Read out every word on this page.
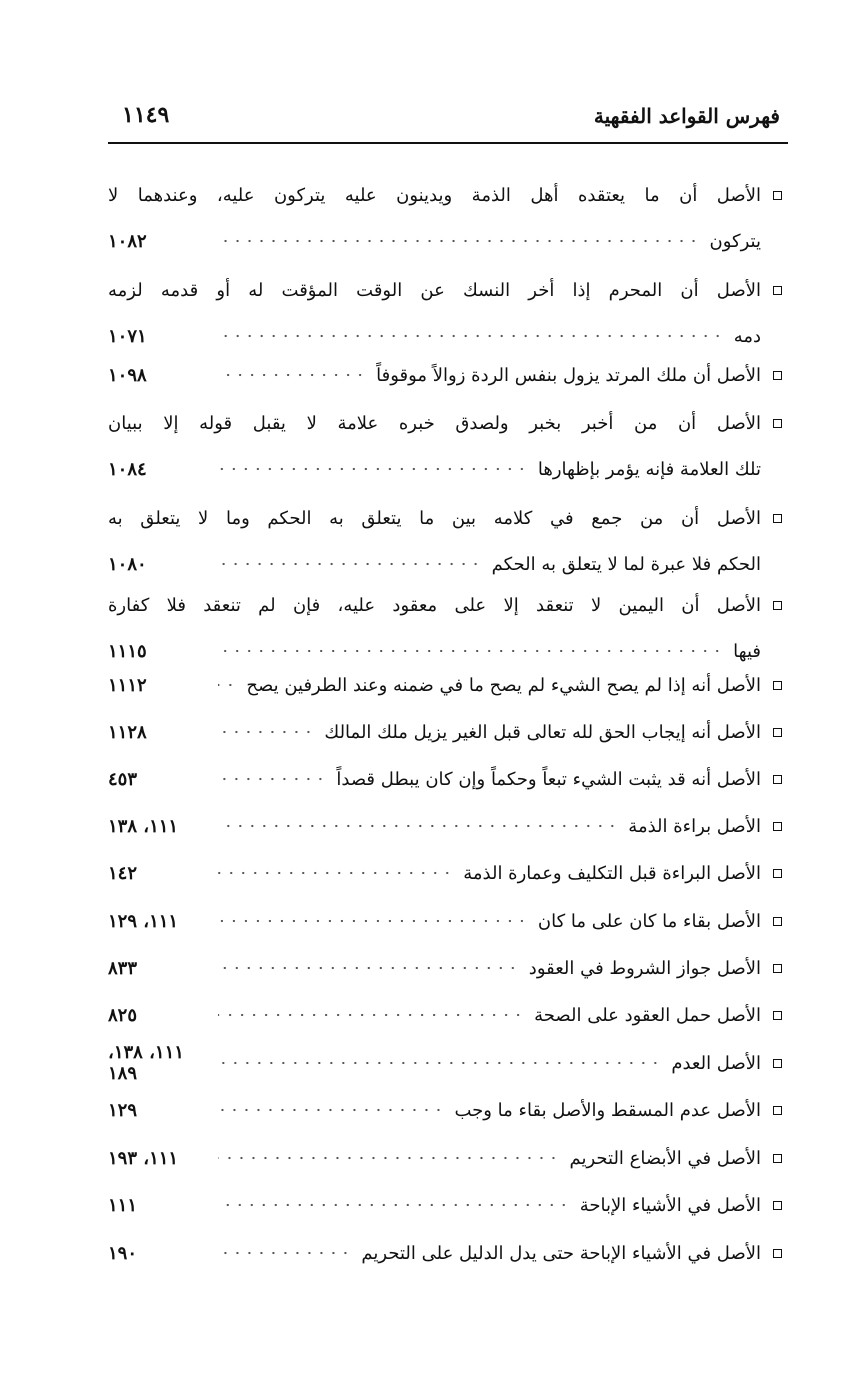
فهرس القواعد الفقهية
١١٤٩
الأصل أن ما يعتقده أهل الذمة ويدينون عليه يتركون عليه، وعندهما لا
يتركون
١٠٨٢
الأصل أن المحرم إذا أخر النسك عن الوقت المؤقت له أو قدمه لزمه
دمه
١٠٧١
الأصل أن ملك المرتد يزول بنفس الردة زوالاً موقوفاً
١٠٩٨
الأصل أن من أخبر بخبر ولصدق خبره علامة لا يقبل قوله إلا ببيان
تلك العلامة فإنه يؤمر بإظهارها
١٠٨٤
الأصل أن من جمع في كلامه بين ما يتعلق به الحكم وما لا يتعلق به
الحكم فلا عبرة لما لا يتعلق به الحكم
١٠٨٠
الأصل أن اليمين لا تنعقد إلا على معقود عليه، فإن لم تنعقد فلا كفارة
فيها
١١١٥
الأصل أنه إذا لم يصح الشيء لم يصح ما في ضمنه وعند الطرفين يصح
١١١٢
الأصل أنه إيجاب الحق لله تعالى قبل الغير يزيل ملك المالك
١١٢٨
الأصل أنه قد يثبت الشيء تبعاً وحكماً وإن كان يبطل قصداً
٤٥٣
الأصل براءة الذمة
١١١، ١٣٨
الأصل البراءة قبل التكليف وعمارة الذمة
١٤٢
الأصل بقاء ما كان على ما كان
١١١، ١٢٩
الأصل جواز الشروط في العقود
٨٣٣
الأصل حمل العقود على الصحة
٨٢٥
الأصل العدم
١١١، ١٣٨، ١٨٩
الأصل عدم المسقط والأصل بقاء ما وجب
١٢٩
الأصل في الأبضاع التحريم
١١١، ١٩٣
الأصل في الأشياء الإباحة
١١١
الأصل في الأشياء الإباحة حتى يدل الدليل على التحريم
١٩٠
